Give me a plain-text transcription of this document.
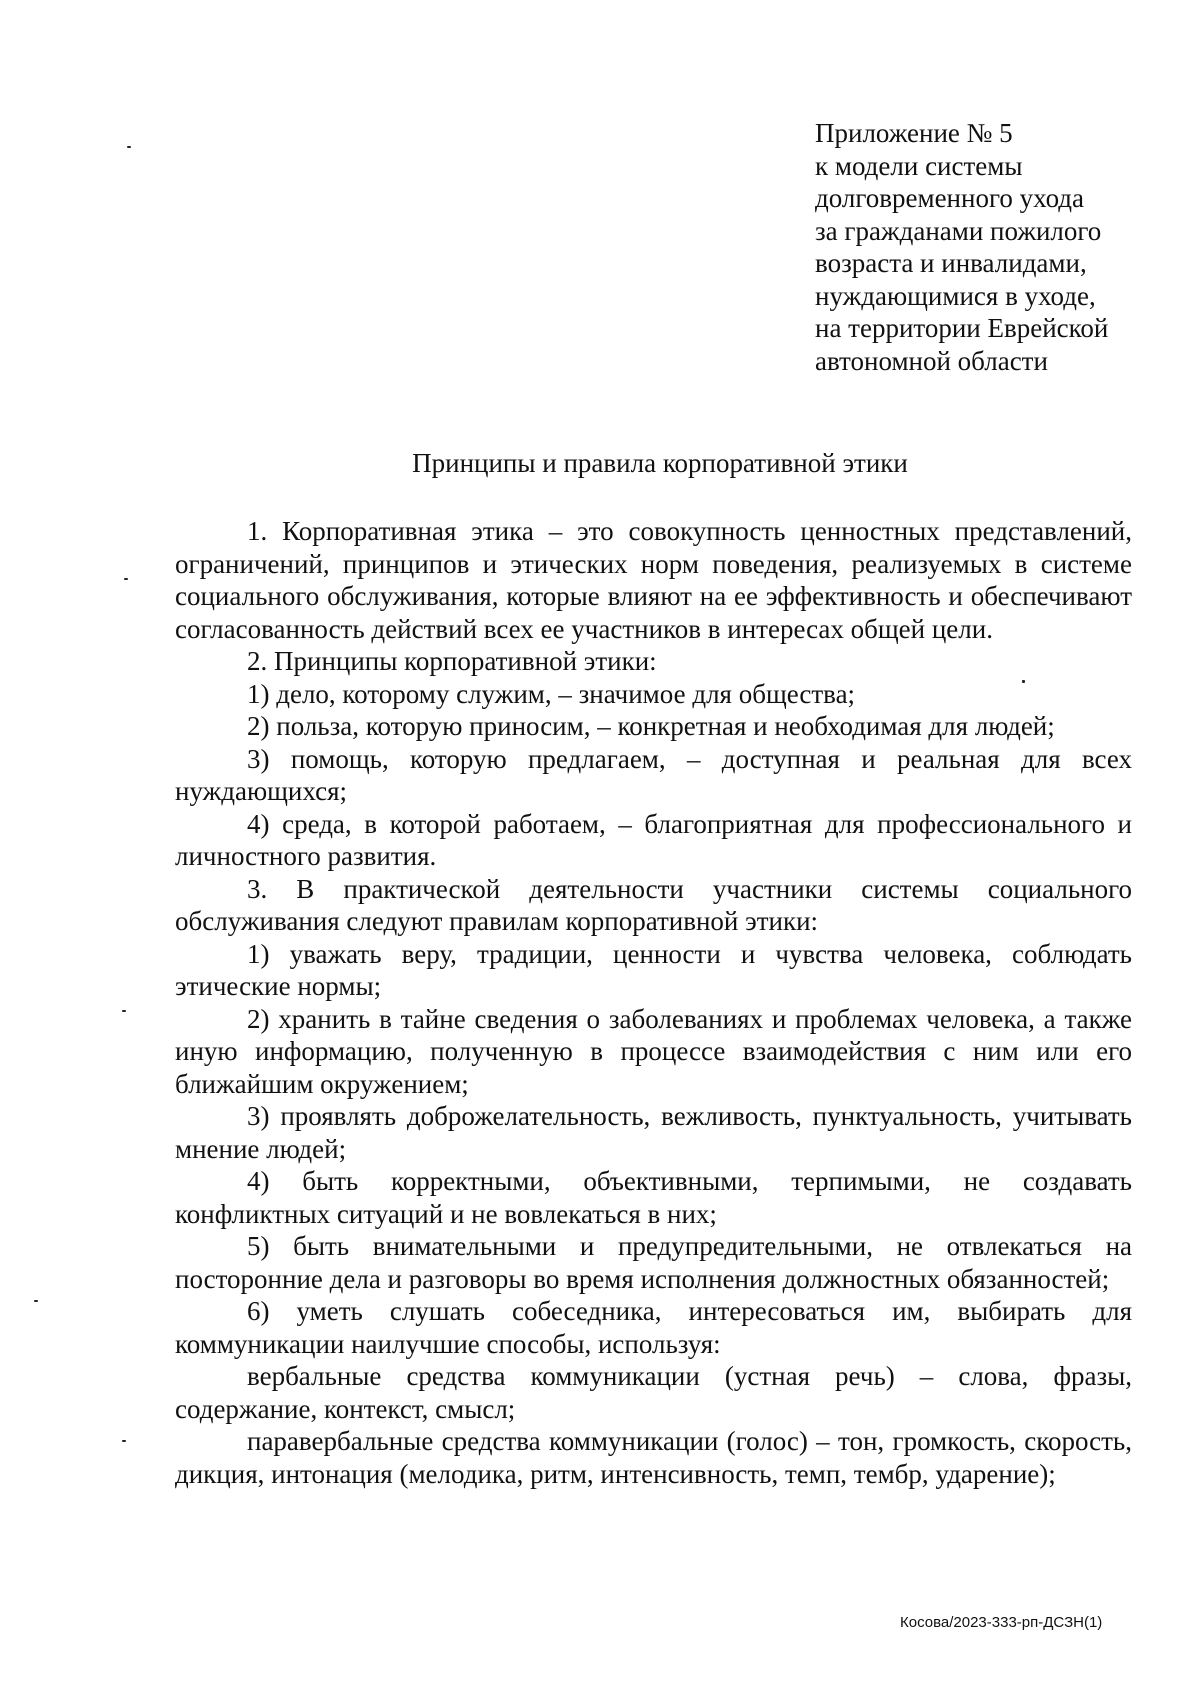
Приложение № 5
к модели системы
долговременного ухода
за гражданами пожилого
возраста и инвалидами,
нуждающимися в уходе,
на территории Еврейской
автономной области
Принципы и правила корпоративной этики

1. Корпоративная этика – это совокупность ценностных представлений, ограничений, принципов и этических норм поведения, реализуемых в системе социального обслуживания, которые влияют на ее эффективность и обеспечивают согласованность действий всех ее участников в интересах общей цели.

2. Принципы корпоративной этики:

1) дело, которому служим, – значимое для общества;

2) польза, которую приносим, – конкретная и необходимая для людей;

3) помощь, которую предлагаем, – доступная и реальная для всех нуждающихся;

4) среда, в которой работаем, – благоприятная для профессионального и личностного развития.

3. В практической деятельности участники системы социального обслуживания следуют правилам корпоративной этики:

1) уважать веру, традиции, ценности и чувства человека, соблюдать этические нормы;

2) хранить в тайне сведения о заболеваниях и проблемах человека, а также иную информацию, полученную в процессе взаимодействия с ним или его ближайшим окружением;

3) проявлять доброжелательность, вежливость, пунктуальность, учитывать мнение людей;

4) быть корректными, объективными, терпимыми, не создавать конфликтных ситуаций и не вовлекаться в них;

5) быть внимательными и предупредительными, не отвлекаться на посторонние дела и разговоры во время исполнения должностных обязанностей;

6) уметь слушать собеседника, интересоваться им, выбирать для коммуникации наилучшие способы, используя:

вербальные средства коммуникации (устная речь) – слова, фразы, содержание, контекст, смысл;

паравербальные средства коммуникации (голос) – тон, громкость, скорость, дикция, интонация (мелодика, ритм, интенсивность, темп, тембр, ударение);

Косова/2023-333-рп-ДСЗН(1)
